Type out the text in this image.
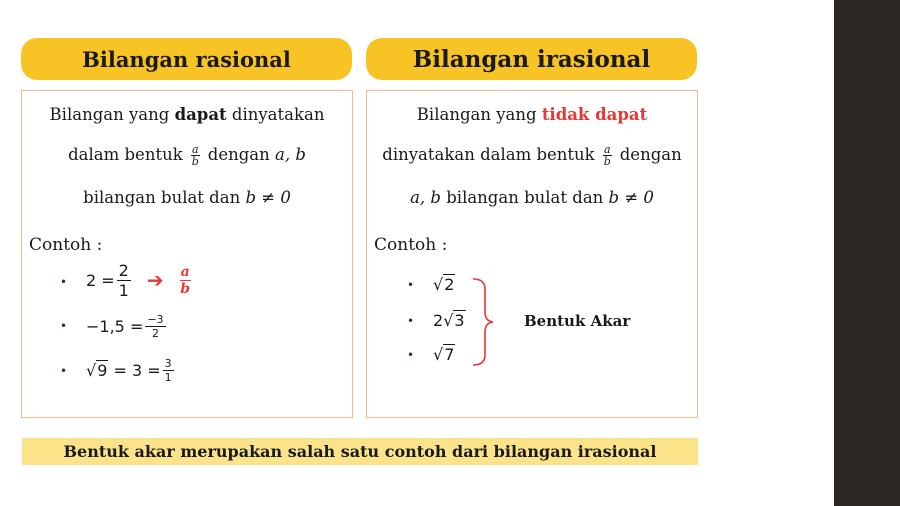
Bilangan rasional
Bilangan yang dapat dinyatakan
dalam bentuk $\frac{a}{b}$ dengan a, b
bilangan bulat dan b ≠ 0
Contoh :
• $2 = \frac{2}{1}$ ➔ $\frac{a}{b}$
• $-1,5 = \frac{-3}{2}$
• $√9 = 3 = \frac{3}{1}$
Bilangan irasional
Bilangan yang tidak dapat
dinyatakan dalam bentuk $\frac{a}{b}$ dengan
a, b bilangan bulat dan b ≠ 0
Contoh :
• √ 2
• 2 √ 3
• √ 7
Bentuk Akar
Bentuk akar merupakan salah satu contoh dari bilangan irasional
